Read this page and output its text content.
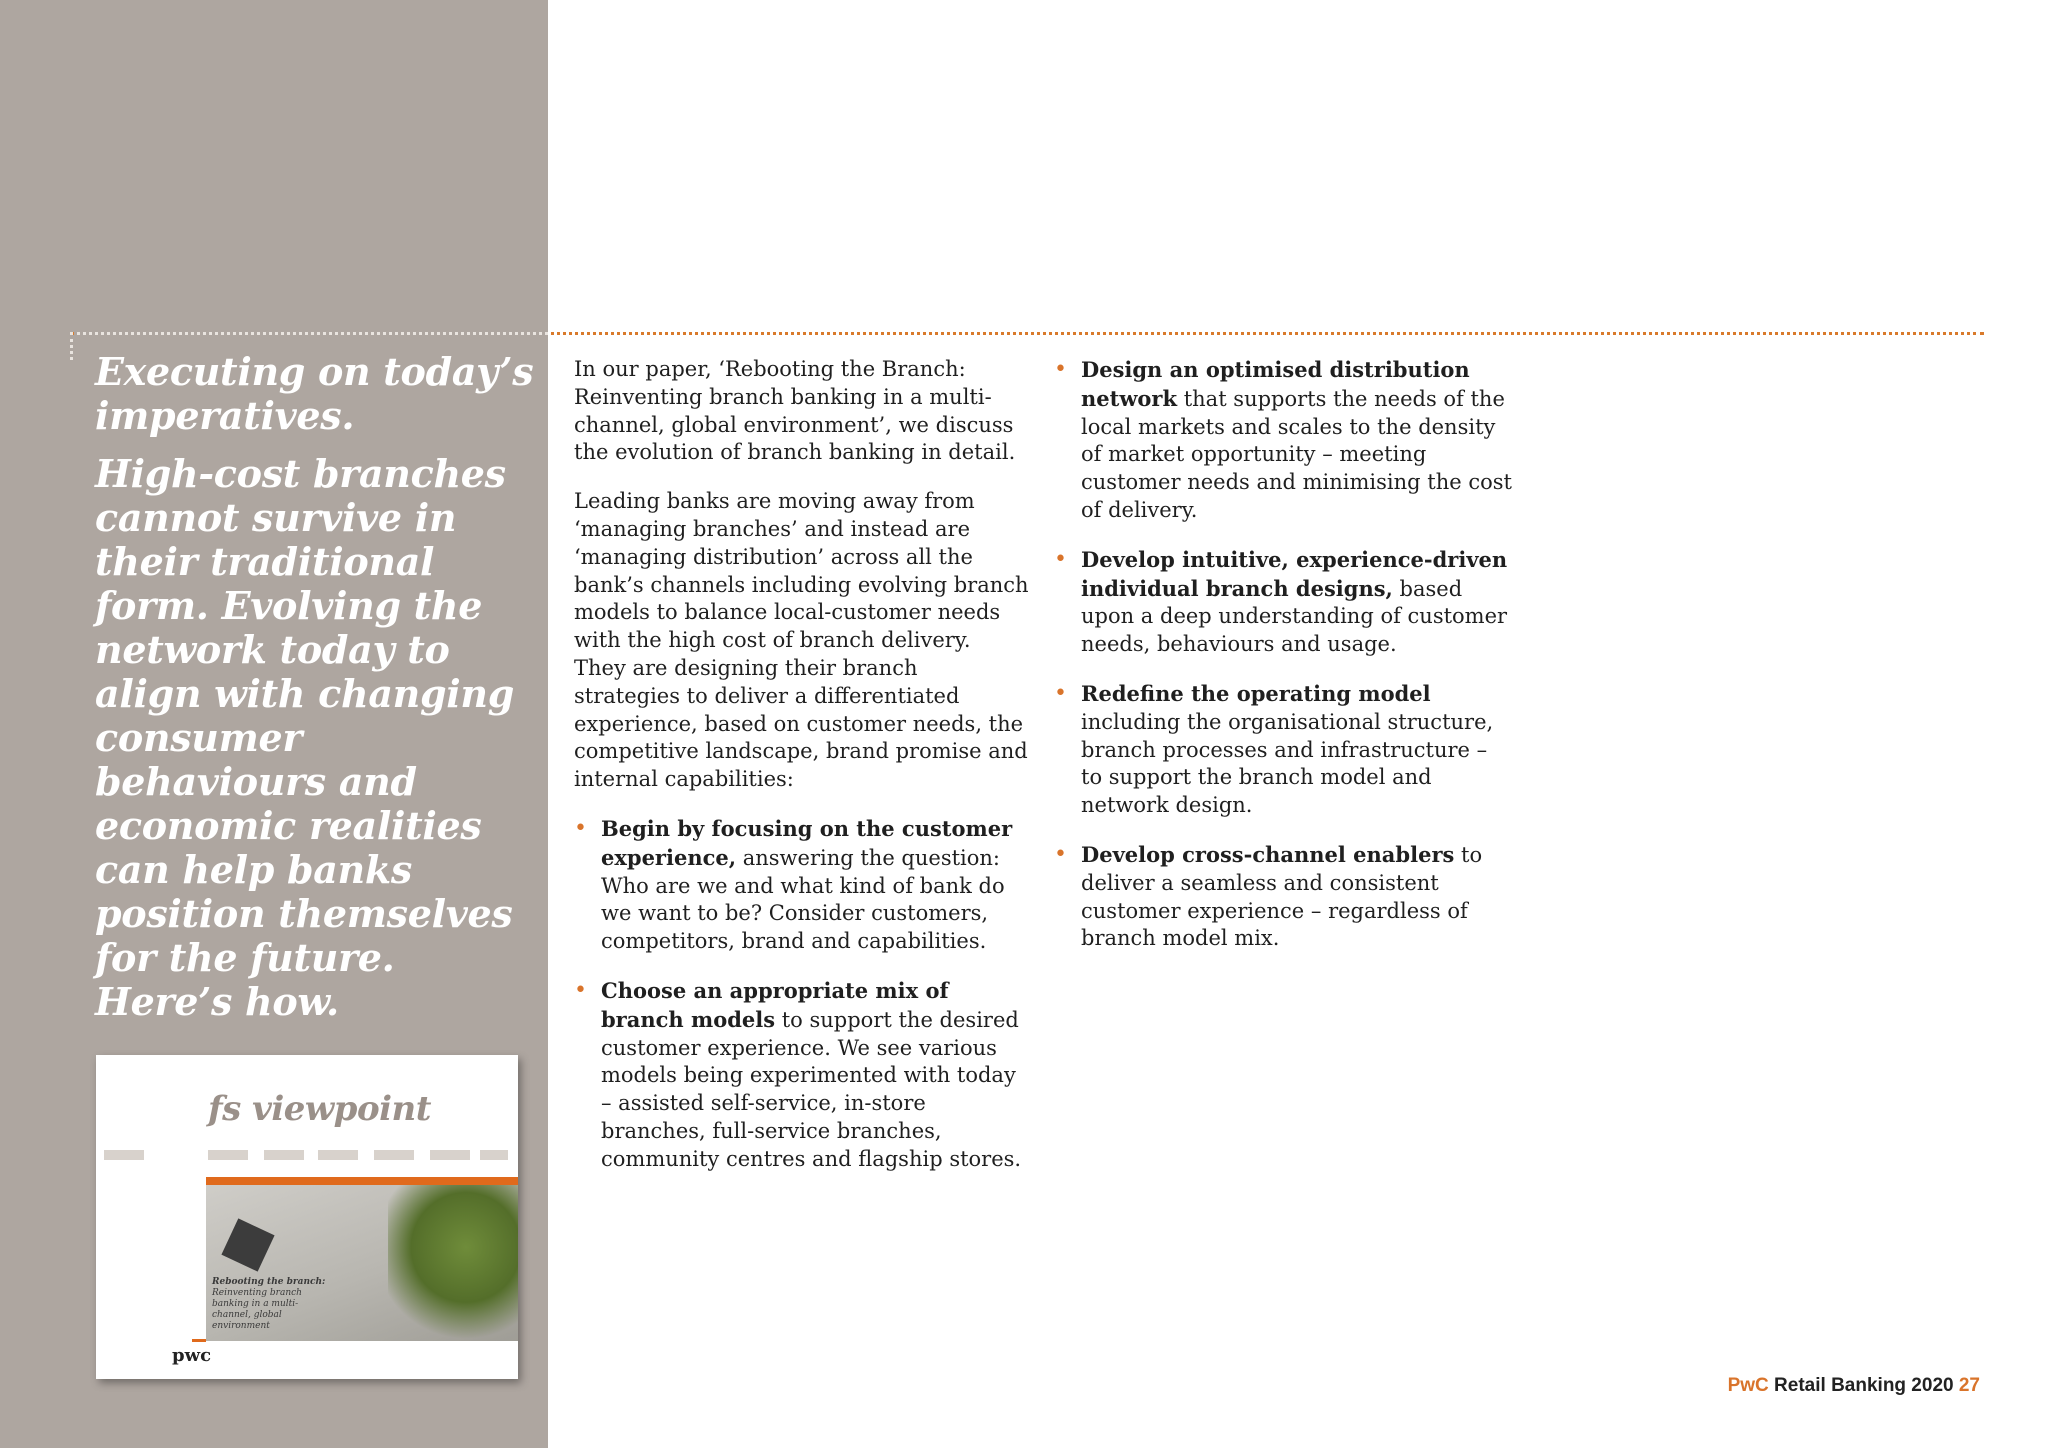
Executing on today’s imperatives.

High-cost branches cannot survive in their traditional form. Evolving the network today to align with changing consumer behaviours and economic realities can help banks position themselves for the future. Here’s how.

fs viewpoint
Rebooting the branch:
Reinventing branch banking in a multi-channel, global environment
pwc

In our paper, ‘Rebooting the Branch: Reinventing branch banking in a multi-channel, global environment’, we discuss the evolution of branch banking in detail.

Leading banks are moving away from ‘managing branches’ and instead are ‘managing distribution’ across all the bank’s channels including evolving branch models to balance local-customer needs with the high cost of branch delivery. They are designing their branch strategies to deliver a differentiated experience, based on customer needs, the competitive landscape, brand promise and internal capabilities:

• Begin by focusing on the customer experience, answering the question: Who are we and what kind of bank do we want to be? Consider customers, competitors, brand and capabilities.
• Choose an appropriate mix of branch models to support the desired customer experience. We see various models being experimented with today – assisted self-service, in-store branches, full-service branches, community centres and flagship stores.
• Design an optimised distribution network that supports the needs of the local markets and scales to the density of market opportunity – meeting customer needs and minimising the cost of delivery.
• Develop intuitive, experience-driven individual branch designs, based upon a deep understanding of customer needs, behaviours and usage.
• Redefine the operating model including the organisational structure, branch processes and infrastructure – to support the branch model and network design.
• Develop cross-channel enablers to deliver a seamless and consistent customer experience – regardless of branch model mix.
PwC Retail Banking 2020 27
